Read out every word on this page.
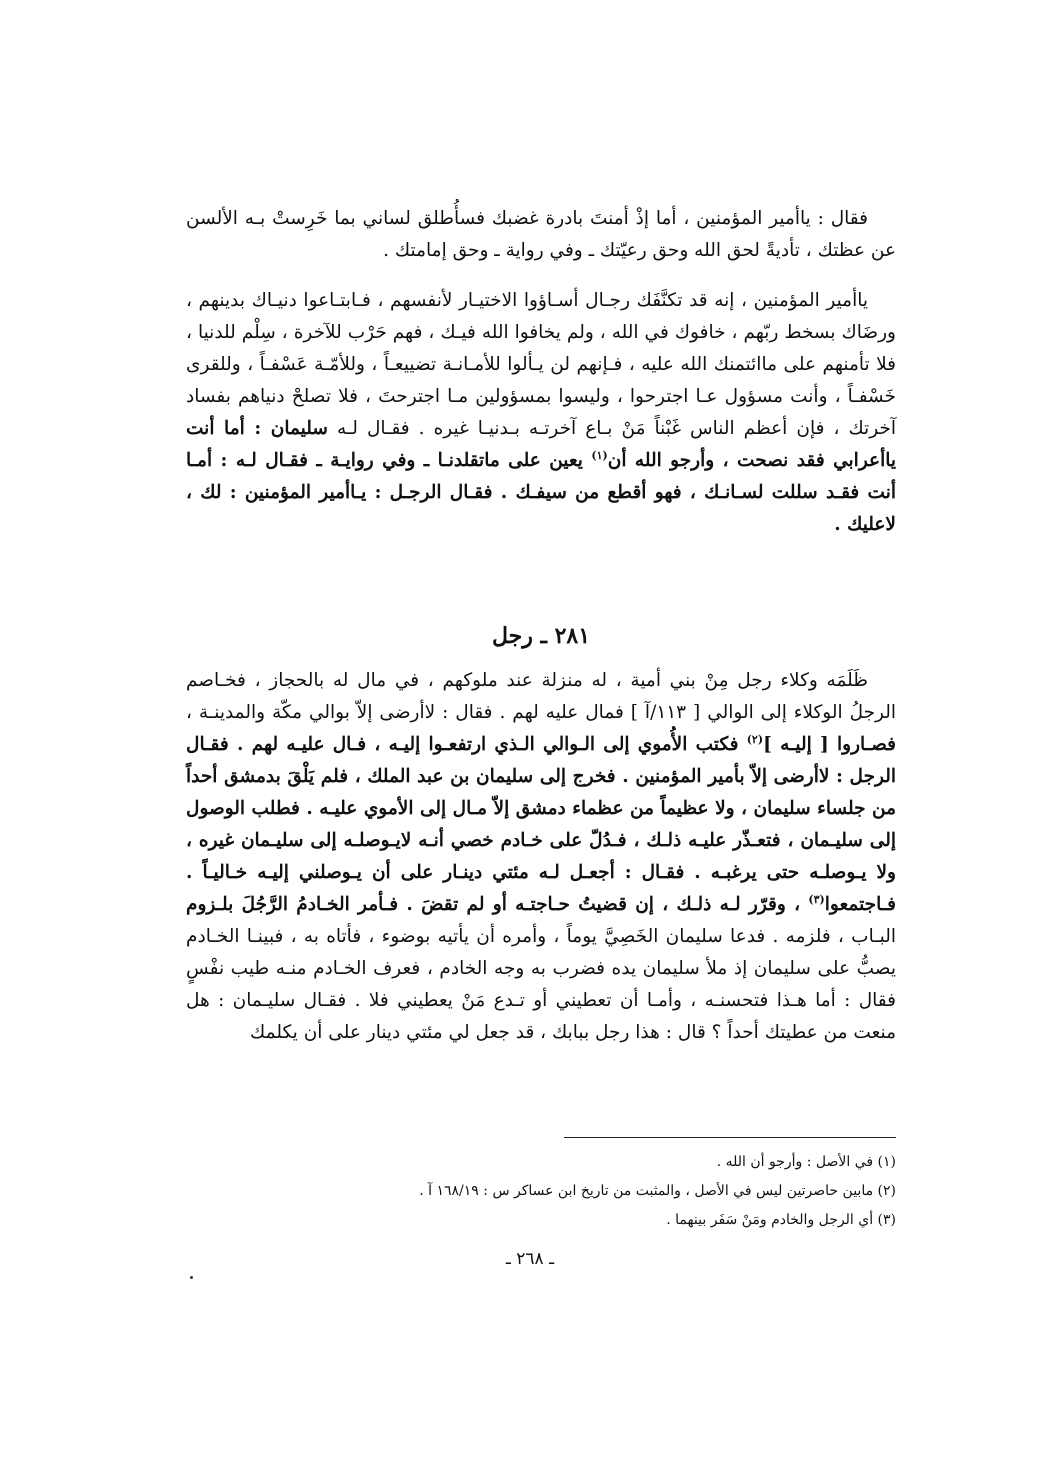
فقال : ياأمير المؤمنين ، أما إذْ أمنتَ بادرة غضبك فسأُطلق لساني بما خَرِستْ بـه الألسن عن عظتك ، تأديةً لحق الله وحق رعيّتك ـ وفي رواية ـ وحق إمامتك .

ياأمير المؤمنين ، إنه قد تكنَّفَك رجـال أسـاؤوا الاختيـار لأنفسهم ، فـابتـاعوا دنيـاك بدينهم ، ورضَاك بسخط ربّهم ، خافوك في الله ، ولم يخافوا الله فيـك ، فهم حَرْب للآخرة ، سِلْم للدنيا ، فلا تأمنهم على ماائتمنك الله عليه ، فـإنهم لن يـألوا للأمـانـة تضييعـاً ، وللأمّـة عَسْفـاً ، وللقرى خَسْفـاً ، وأنت مسؤول عـا اجترحوا ، وليسوا بمسؤولين مـا اجترحتَ ، فلا تصلحْ دنياهم بفساد آخرتك ، فإن أعظم الناس غَبْناً مَنْ بـاع آخرتـه بـدنيـا غيره . فقـال لـه سليمان : أما أنت ياأعرابي فقد نصحت ، وأرجو الله أن$^{(١)}$ يعين على ماتقلدنـا ـ وفي روايـة ـ فقـال لـه : أمـا أنت فقـد سللت لسـانـك ، فهو أقطع من سيفـك . فقـال الرجـل : يـاأمير المؤمنين : لك ، لاعليك .

٢٨١ ـ رجل

ظَلَمَه وكلاء رجل مِنْ بني أمية ، له منزلة عند ملوكهم ، في مال له بالحجاز ، فخـاصم الرجلُ الوكلاء إلى الوالي [ ١١٣/آ ] فمال عليه لهم . فقال : لاأرضى إلاّ بوالي مكّة والمدينـة ، فصـاروا [ إليـه ]$^{(٢)}$ فكتب الأُموي إلى الـوالي الـذي ارتفعـوا إليـه ، فـال عليـه لهم . فقـال الرجل : لاأرضى إلاّ بأمير المؤمنين . فخرج إلى سليمان بن عبد الملك ، فلم يَلْقَ بدمشق أحداً من جلساء سليمان ، ولا عظيماً من عظماء دمشق إلاّ مـال إلى الأموي عليـه . فطلب الوصول إلى سليـمان ، فتعـذّر عليـه ذلـك ، فـدُلّ على خـادم خصي أنـه لايـوصلـه إلى سليـمان غيره ، ولا يـوصلـه حتى يرغبـه . فقـال : أجعـل لـه مئتي دينـار على أن يـوصلني إليـه خـاليـاً . فـاجتمعوا$^{(٣)}$ ، وقرّر لـه ذلـك ، إن قضيتُ حـاجتـه أو لم تقضَ . فـأمر الخـادمُ الرَّجُلَ بلـزوم البـاب ، فلزمه . فدعا سليمان الخَصِيَّ يوماً ، وأمره أن يأتيه بوضوء ، فأتاه به ، فبينـا الخـادم يصبُّ على سليمان إذ ملأ سليمان يده فضرب به وجه الخادم ، فعرف الخـادم منـه طيب نفْسٍ فقال : أما هـذا فتحسنـه ، وأمـا أن تعطيني أو تـدع مَنْ يعطيني فلا . فقـال سليـمان : هل منعت من عطيتك أحداً ؟ قال : هذا رجل ببابك ، قد جعل لي مئتي دينار على أن يكلمك

(١) في الأصل : وأرجو أن الله .

(٢) مابين حاصرتين ليس في الأصل ، والمثبت من تاريخ ابن عساكر س : ١٦٨/١٩ آ .

(٣) أي الرجل والخادم ومَنْ سَفَر بينهما .

ـ ٢٦٨ ـ
